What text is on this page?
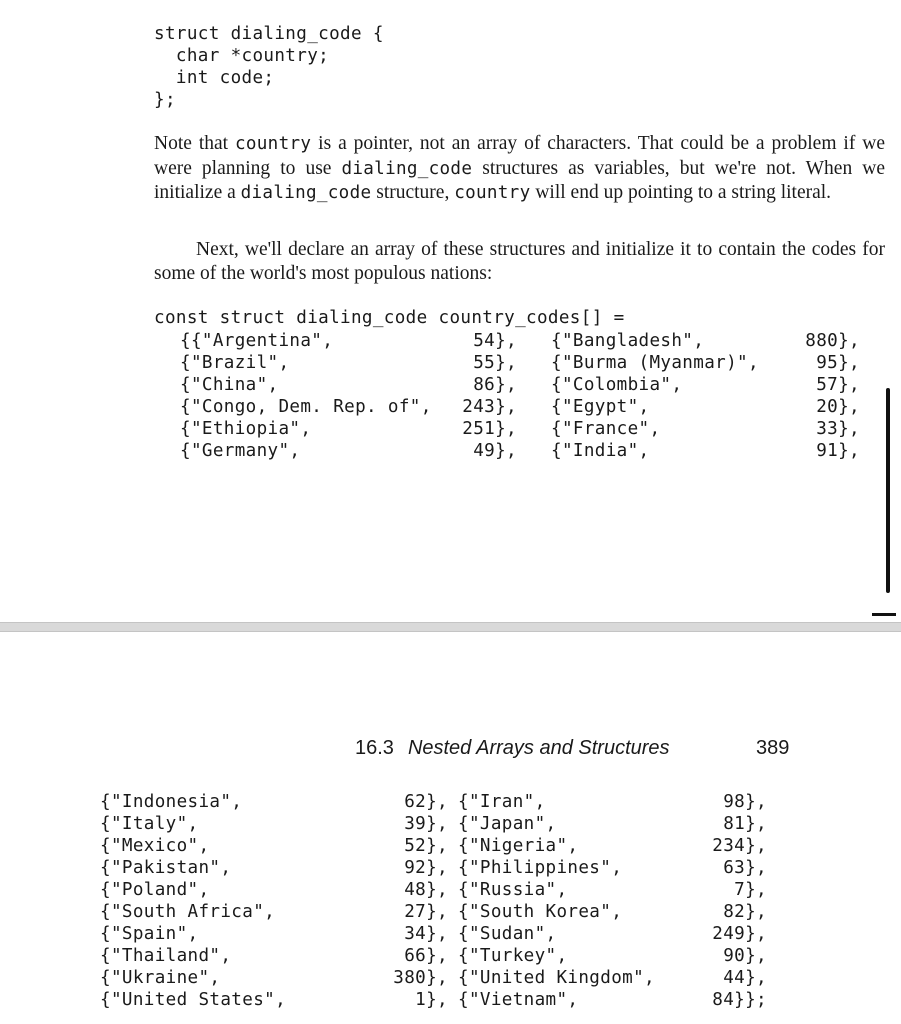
struct dialing_code {
char *country;
int code;
};

Note that country is a pointer, not an array of characters. That could be a problem if we were planning to use dialing_code structures as variables, but we're not. When we initialize a dialing_code structure, country will end up pointing to a string literal.

Next, we'll declare an array of these structures and initialize it to contain the codes for some of the world's most populous nations:

const struct dialing_code country_codes[] =
{{"Argentina",	54}, {"Bangladesh",	880},
{"Brazil",	55}, {"Burma (Myanmar)",	95},
{"China",	86}, {"Colombia",	57},
{"Congo, Dem. Rep. of",	243}, {"Egypt",	20},
{"Ethiopia",	251}, {"France",	33},
{"Germany",	49}, {"India",	91},
16.3 Nested Arrays and Structures	389
{"Indonesia",	62}, {"Iran",	98},
{"Italy",	39}, {"Japan",	81},
{"Mexico",	52}, {"Nigeria",	234},
{"Pakistan",	92}, {"Philippines",	63},
{"Poland",	48}, {"Russia",	7},
{"South Africa",	27}, {"South Korea",	82},
{"Spain",	34}, {"Sudan",	249},
{"Thailand",	66}, {"Turkey",	90},
{"Ukraine",	380}, {"United Kingdom",	44},
{"United States",	1}, {"Vietnam",	84}};
